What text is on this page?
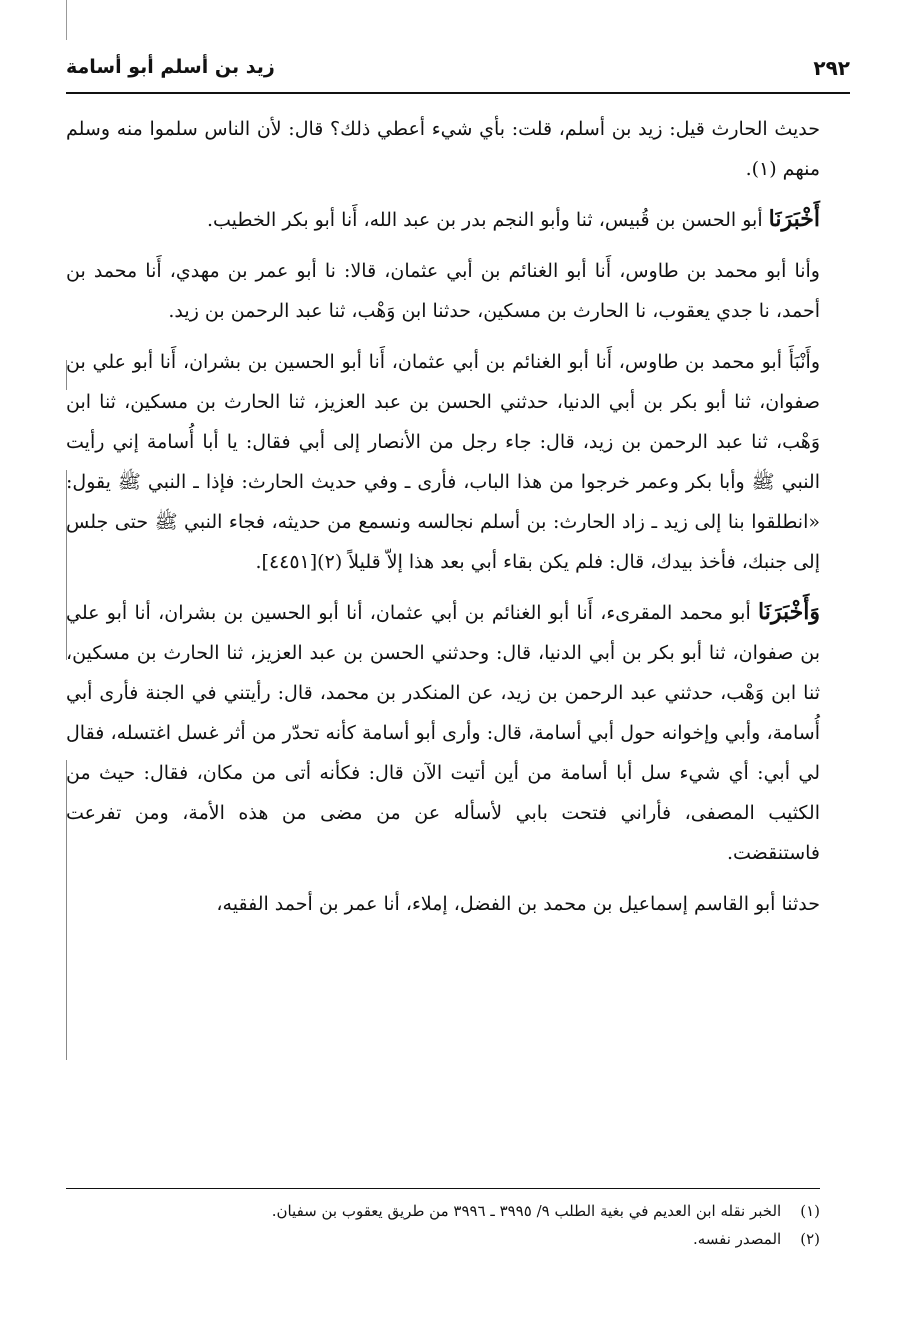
٢٩٢
زيد بن أسلم أبو أسامة

حديث الحارث قيل: زيد بن أسلم، قلت: بأي شيء أعطي ذلك؟ قال: لأن الناس سلموا منه وسلم منهم (١).

أَخْبَرَنَا أبو الحسن بن قُبيس، ثنا وأبو النجم بدر بن عبد الله، أَنا أبو بكر الخطيب.

وأنا أبو محمد بن طاوس، أَنا أبو الغنائم بن أبي عثمان، قالا: نا أبو عمر بن مهدي، أَنا محمد بن أحمد، نا جدي يعقوب، نا الحارث بن مسكين، حدثنا ابن وَهْب، ثنا عبد الرحمن بن زيد.

وأَنْبَأَ أبو محمد بن طاوس، أَنا أبو الغنائم بن أبي عثمان، أَنا أبو الحسين بن بشران، أَنا أبو علي بن صفوان، ثنا أبو بكر بن أبي الدنيا، حدثني الحسن بن عبد العزيز، ثنا الحارث بن مسكين، ثنا ابن وَهْب، ثنا عبد الرحمن بن زيد، قال: جاء رجل من الأنصار إلى أبي فقال: يا أبا أُسامة إني رأيت النبي ﷺ وأبا بكر وعمر خرجوا من هذا الباب، فأرى ـ وفي حديث الحارث: فإذا ـ النبي ﷺ يقول: «انطلقوا بنا إلى زيد ـ زاد الحارث: بن أسلم نجالسه ونسمع من حديثه، فجاء النبي ﷺ حتى جلس إلى جنبك، فأخذ بيدك، قال: فلم يكن بقاء أبي بعد هذا إلاّ قليلاً (٢)[٤٤٥١].

وَأَخْبَرَنَا أبو محمد المقرىء، أَنا أبو الغنائم بن أبي عثمان، أنا أبو الحسين بن بشران، أنا أبو علي بن صفوان، ثنا أبو بكر بن أبي الدنيا، قال: وحدثني الحسن بن عبد العزيز، ثنا الحارث بن مسكين، ثنا ابن وَهْب، حدثني عبد الرحمن بن زيد، عن المنكدر بن محمد، قال: رأيتني في الجنة فأرى أبي أُسامة، وأبي وإخوانه حول أبي أسامة، قال: وأرى أبو أسامة كأنه تحدّر من أثر غسل اغتسله، فقال لي أبي: أي شيء سل أبا أسامة من أين أتيت الآن قال: فكأنه أتى من مكان، فقال: حيث من الكثيب المصفى، فأراني فتحت بابي لأسأله عن من مضى من هذه الأمة، ومن تفرعت فاستنقضت.

حدثنا أبو القاسم إسماعيل بن محمد بن الفضل، إملاء، أنا عمر بن أحمد الفقيه،

(١) الخبر نقله ابن العديم في بغية الطلب ٩/ ٣٩٩٥ ـ ٣٩٩٦ من طريق يعقوب بن سفيان.

(٢) المصدر نفسه.
